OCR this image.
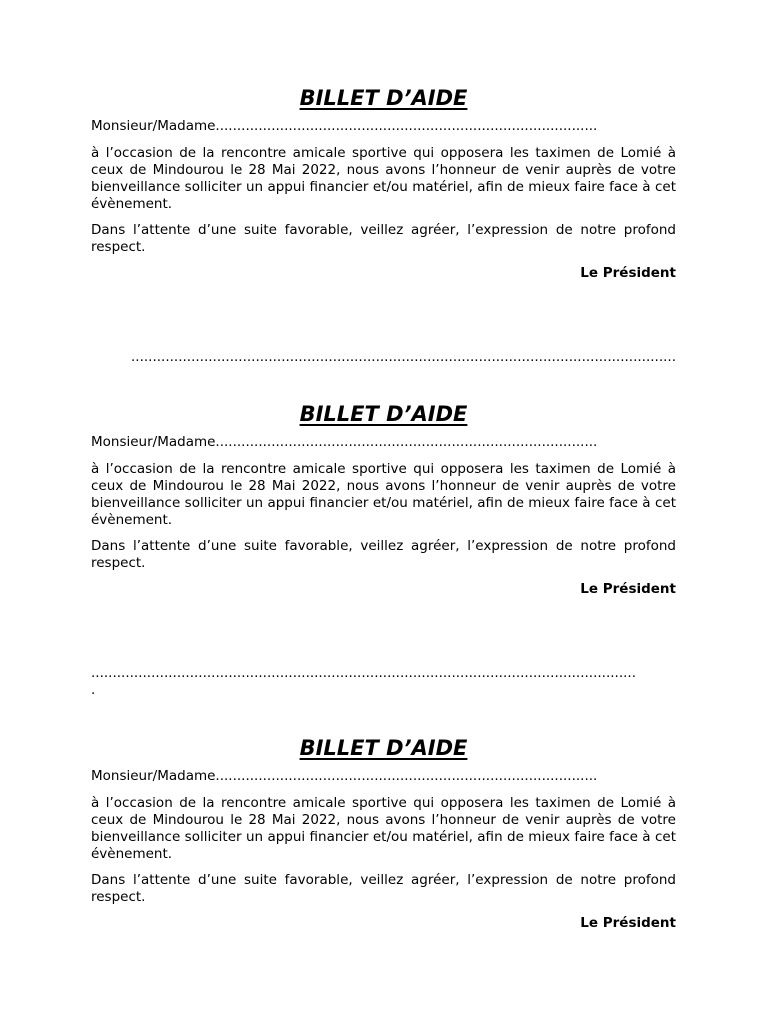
BILLET D’AIDE
Monsieur/Madame.........................................................................................
à l’occasion de la rencontre amicale sportive qui opposera les taximen de Lomié à ceux de Mindourou le 28 Mai 2022, nous avons l’honneur de venir auprès de votre bienveillance solliciter un appui financier et/ou matériel, afin de mieux faire face à cet évènement.
Dans l’attente d’une suite favorable, veillez agréer, l’expression de notre profond respect.
Le Président
...............................................................................................................................
BILLET D’AIDE
Monsieur/Madame.........................................................................................
à l’occasion de la rencontre amicale sportive qui opposera les taximen de Lomié à ceux de Mindourou le 28 Mai 2022, nous avons l’honneur de venir auprès de votre bienveillance solliciter un appui financier et/ou matériel, afin de mieux faire face à cet évènement.
Dans l’attente d’une suite favorable, veillez agréer, l’expression de notre profond respect.
Le Président
...............................................................................................................................
.
BILLET D’AIDE
Monsieur/Madame.........................................................................................
à l’occasion de la rencontre amicale sportive qui opposera les taximen de Lomié à ceux de Mindourou le 28 Mai 2022, nous avons l’honneur de venir auprès de votre bienveillance solliciter un appui financier et/ou matériel, afin de mieux faire face à cet évènement.
Dans l’attente d’une suite favorable, veillez agréer, l’expression de notre profond respect.
Le Président
